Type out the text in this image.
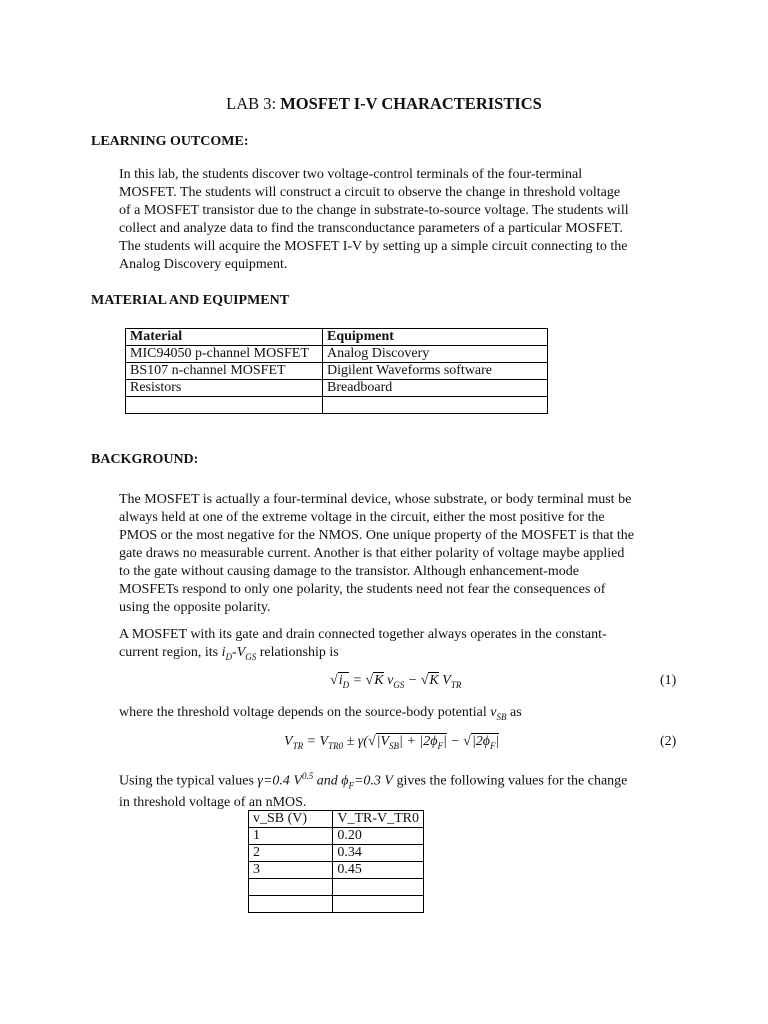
LAB 3: MOSFET I-V CHARACTERISTICS
LEARNING OUTCOME:
In this lab, the students discover two voltage-control terminals of the four-terminal
MOSFET. The students will construct a circuit to observe the change in threshold voltage
of a MOSFET transistor due to the change in substrate-to-source voltage. The students will
collect and analyze data to find the transconductance parameters of a particular MOSFET.
The students will acquire the MOSFET I-V by setting up a simple circuit connecting to the
Analog Discovery equipment.
MATERIAL AND EQUIPMENT
Material	Equipment
MIC94050 p-channel MOSFET	Analog Discovery
BS107 n-channel MOSFET	Digilent Waveforms software
Resistors	Breadboard

BACKGROUND:
The MOSFET is actually a four-terminal device, whose substrate, or body terminal must be
always held at one of the extreme voltage in the circuit, either the most positive for the
PMOS or the most negative for the NMOS. One unique property of the MOSFET is that the
gate draws no measurable current. Another is that either polarity of voltage maybe applied
to the gate without causing damage to the transistor. Although enhancement-mode
MOSFETs respond to only one polarity, the students need not fear the consequences of
using the opposite polarity.
A MOSFET with its gate and drain connected together always operates in the constant-
current region, its $i_D-V_{GS}$ relationship is
$√i_D = √K$ $v_{GS} - √K$ $V_{TR}$	(1)
where the threshold voltage depends on the source-body potential $v_{SB}$ as
$V_{TR} = V_{TR0} \pm \gamma(√|V_{SB}| + |2\phi_F| - √|2\phi_F|$	(2)
Using the typical values γ=0.4 $V^{0.5}$ and $\phi_F=0.3$ V gives the following values for the change
in threshold voltage of an nMOS.
v_SB (V)	V_TR-V_TR0
1	0.20
2	0.34
3	0.45
